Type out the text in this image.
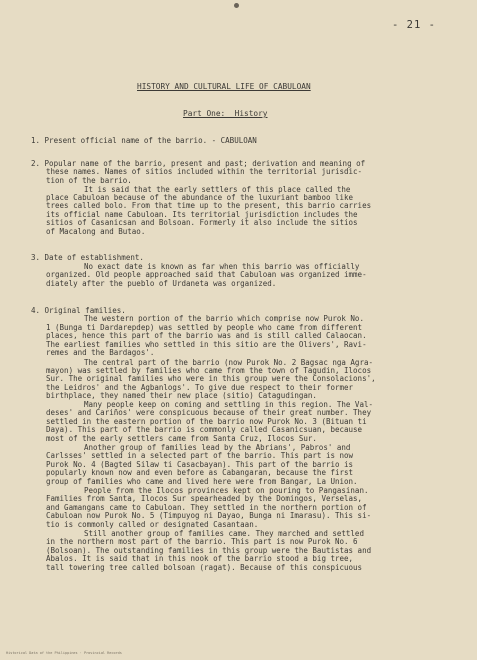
- 21 -
HISTORY AND CULTURAL LIFE OF CABULOAN
Part One:  History
1. Present official name of the barrio. - CABULOAN
2. Popular name of the barrio, present and past; derivation and meaning of
these names. Names of sitios included within the territorial jurisdic-
tion of the barrio.
It is said that the early settlers of this place called the
place Cabuloan because of the abundance of the luxuriant bamboo like
trees called bolo. From that time up to the present, this barrio carries
its official name Cabuloan. Its territorial jurisdiction includes the
sitios of Casanicsan and Bolsoan. Formerly it also include the sitios
of Macalong and Butao.
3. Date of establishment.
No exact date is known as far when this barrio was officially
organized. Old people approached said that Cabuloan was organized imme-
diately after the pueblo of Urdaneta was organized.
4. Original families.
The western portion of the barrio which comprise now Purok No.
1 (Bunga ti Dardarepdep) was settled by people who came from different
places, hence this part of the barrio was and is still called Calaocan.
The earliest families who settled in this sitio are the Olivers', Ravi-
remes and the Bardagos'.
The central part of the barrio (now Purok No. 2 Bagsac nga Agra-
mayon) was settled by families who came from the town of Tagudin, Ilocos
Sur. The original families who were in this group were the Consolacions',
the Leidros' and the Agbanlogs'. To give due respect to their former
birthplace, they named their new place (sitio) Catagudingan.
Many people keep on coming and settling in this region. The Val-
deses' and Cariños' were conspicuous because of their great number. They
settled in the eastern portion of the barrio now Purok No. 3 (Bituan ti
Daya). This part of the barrio is commonly called Casanicsuan, because
most of the early settlers came from Santa Cruz, Ilocos Sur.
Another group of families lead by the Abrians', Pabros' and
Carlsses' settled in a selected part of the barrio. This part is now
Purok No. 4 (Bagted Silaw ti Casacbayan). This part of the barrio is
popularly known now and even before as Cabangaran, because the first
group of families who came and lived here were from Bangar, La Union.
People from the Ilocos provinces kept on pouring to Pangasinan.
Families from Santa, Ilocos Sur spearheaded by the Domingos, Verselas,
and Gamangans came to Cabuloan. They settled in the northern portion of
Cabuloan now Purok No. 5 (Timpuyog ni Dayao, Bunga ni Imarasu). This si-
tio is commonly called or designated Casantaan.
Still another group of families came. They marched and settled
in the northern most part of the barrio. This part is now Purok No. 6
(Bolsoan). The outstanding families in this group were the Bautistas and
Abalos. It is said that in this nook of the barrio stood a big tree,
tall towering tree called bolsoan (ragat). Because of this conspicuous
Historical Data of the Philippines · Provincial Records
